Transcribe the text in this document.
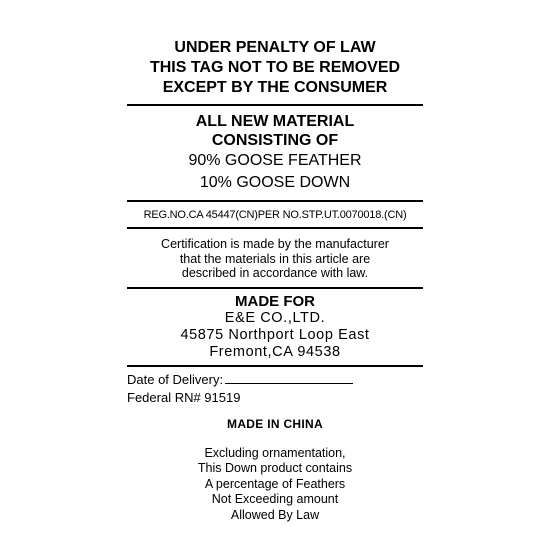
UNDER PENALTY OF LAW
THIS TAG NOT TO BE REMOVED
EXCEPT BY THE CONSUMER
ALL NEW MATERIAL
CONSISTING OF
90% GOOSE FEATHER
10% GOOSE DOWN
REG.NO.CA 45447(CN)PER NO.STP.UT.0070018.(CN)
Certification is made by the manufacturer
that the materials in this article are
described in accordance with law.
MADE FOR
E&E CO.,LTD.
45875 Northport Loop East
Fremont,CA 94538
Date of Delivery:
Federal RN# 91519
MADE IN CHINA
Excluding ornamentation,
This Down product contains
A percentage of Feathers
Not Exceeding amount
Allowed By Law
